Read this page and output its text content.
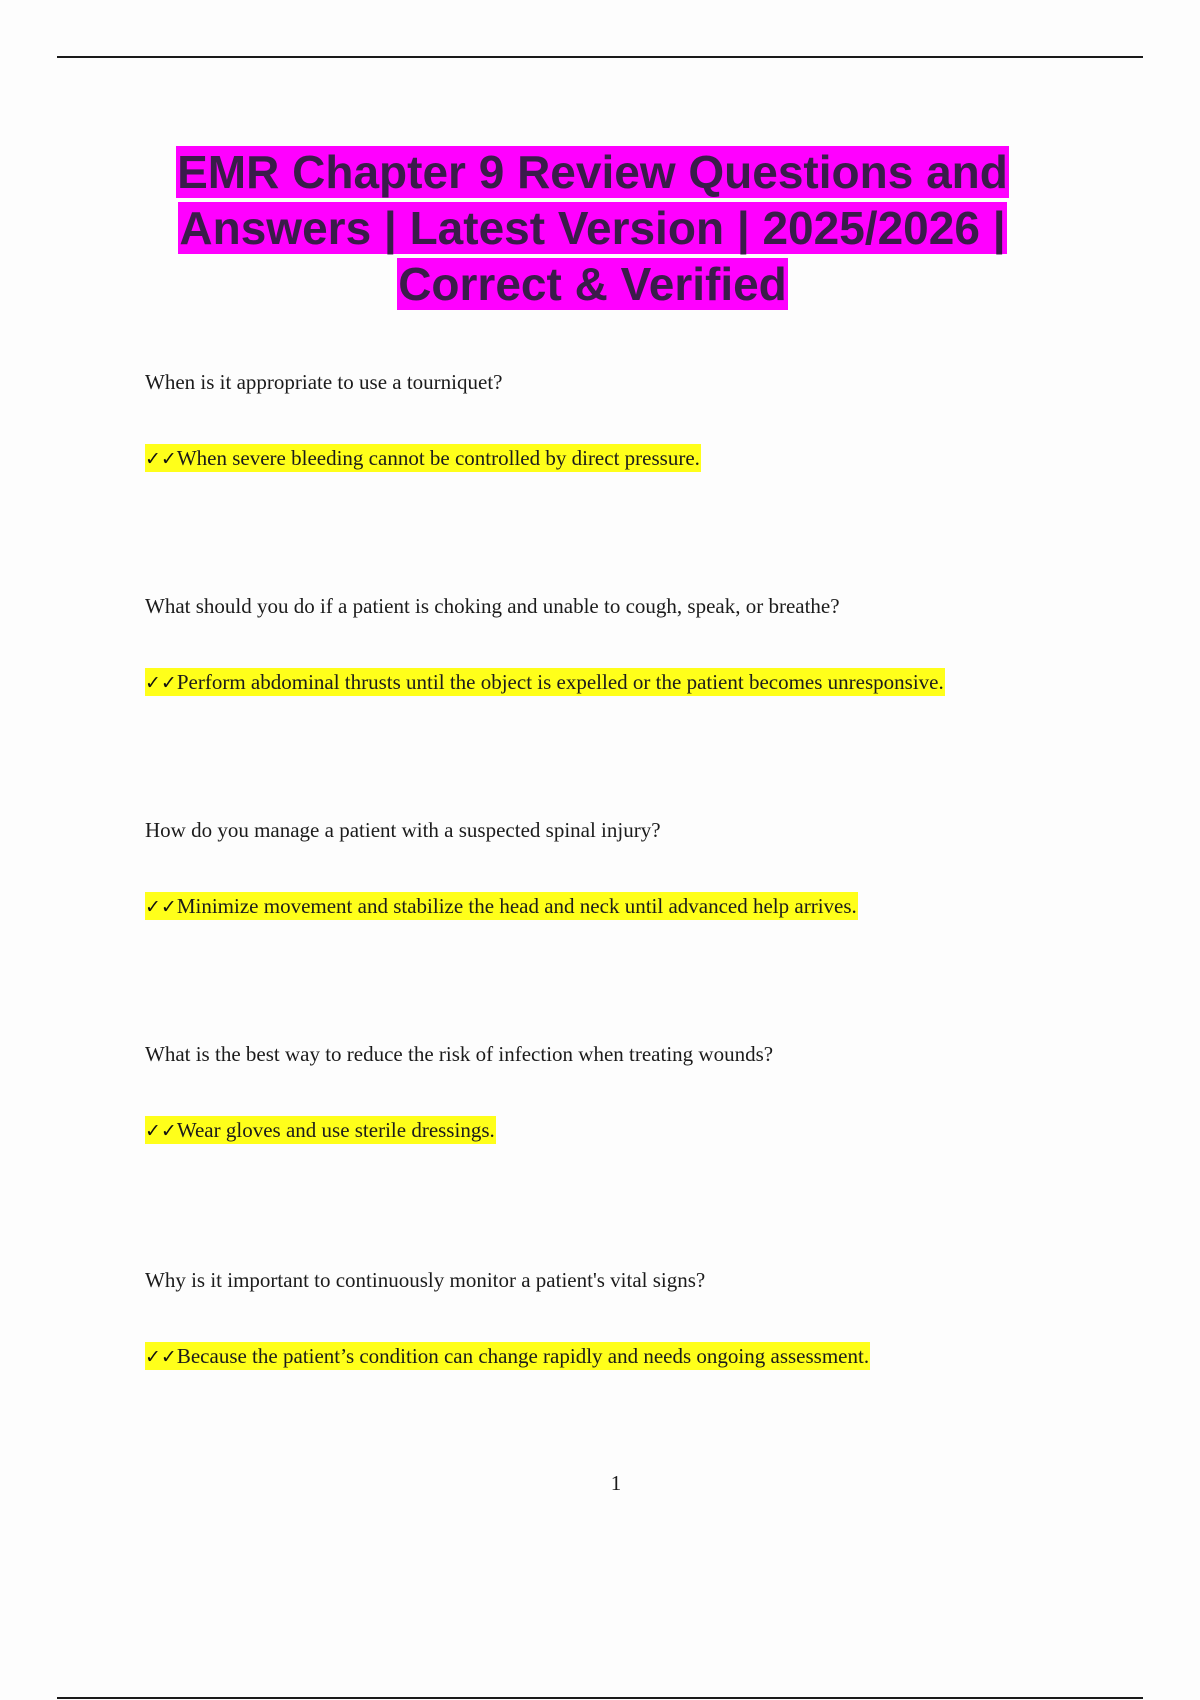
EMR Chapter 9 Review Questions and Answers | Latest Version | 2025/2026 | Correct & Verified

When is it appropriate to use a tourniquet?

✓✓When severe bleeding cannot be controlled by direct pressure.

What should you do if a patient is choking and unable to cough, speak, or breathe?

✓✓Perform abdominal thrusts until the object is expelled or the patient becomes unresponsive.

How do you manage a patient with a suspected spinal injury?

✓✓Minimize movement and stabilize the head and neck until advanced help arrives.

What is the best way to reduce the risk of infection when treating wounds?

✓✓Wear gloves and use sterile dressings.

Why is it important to continuously monitor a patient's vital signs?

✓✓Because the patient’s condition can change rapidly and needs ongoing assessment.

1
